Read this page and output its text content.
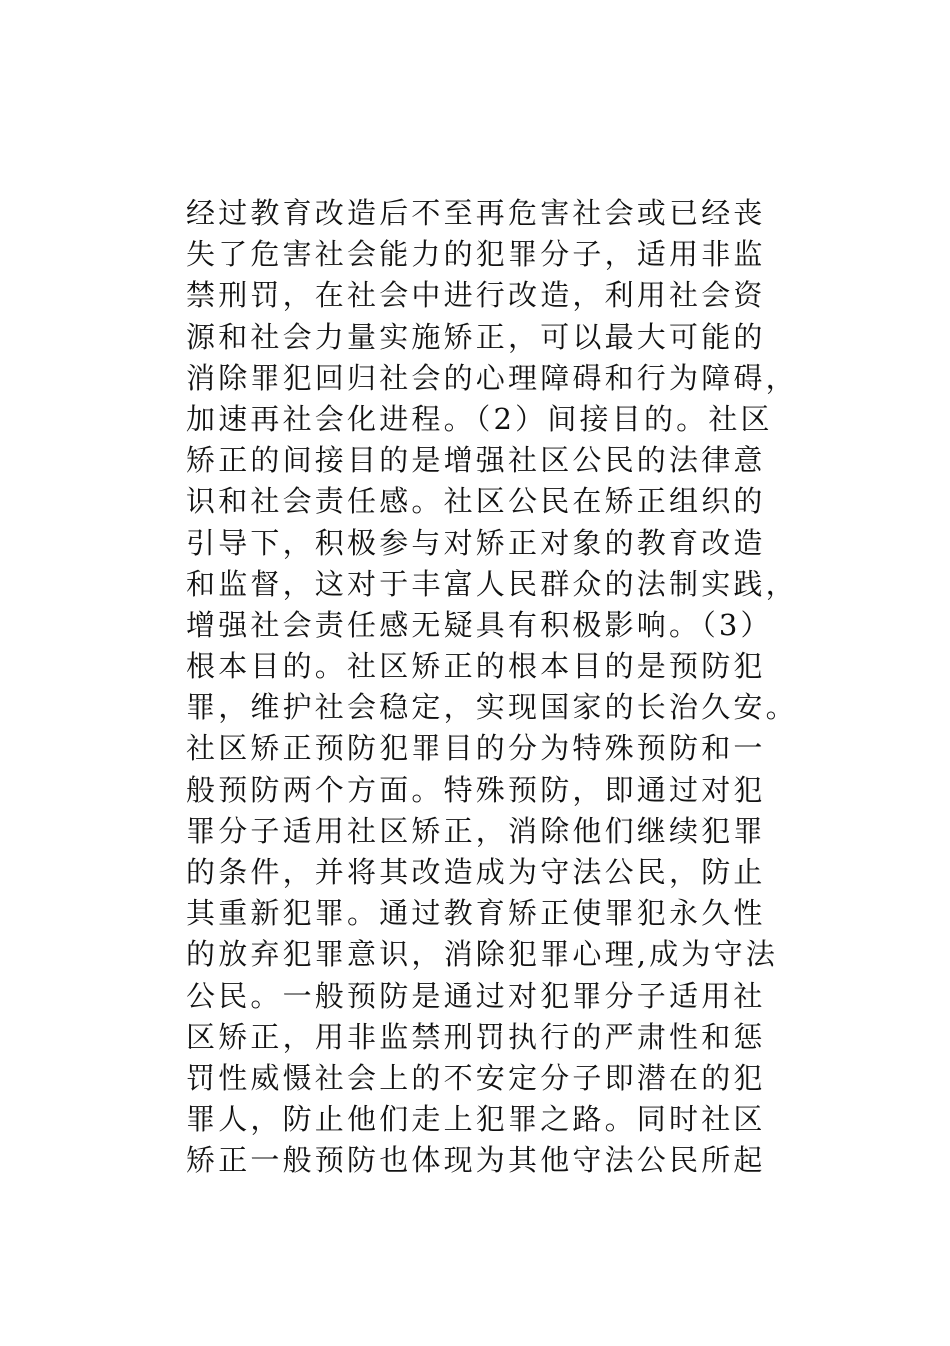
经过教育改造后不至再危害社会或已经丧
失了危害社会能力的犯罪分子，适用非监
禁刑罚，在社会中进行改造，利用社会资
源和社会力量实施矫正，可以最大可能的
消除罪犯回归社会的心理障碍和行为障碍，
加速再社会化进程。（2）间接目的。社区
矫正的间接目的是增强社区公民的法律意
识和社会责任感。社区公民在矫正组织的
引导下，积极参与对矫正对象的教育改造
和监督，这对于丰富人民群众的法制实践，
增强社会责任感无疑具有积极影响。（3）
根本目的。社区矫正的根本目的是预防犯
罪，维护社会稳定，实现国家的长治久安。
社区矫正预防犯罪目的分为特殊预防和一
般预防两个方面。特殊预防，即通过对犯
罪分子适用社区矫正，消除他们继续犯罪
的条件，并将其改造成为守法公民，防止
其重新犯罪。通过教育矫正使罪犯永久性
的放弃犯罪意识，消除犯罪心理,成为守法
公民。一般预防是通过对犯罪分子适用社
区矫正，用非监禁刑罚执行的严肃性和惩
罚性威慑社会上的不安定分子即潜在的犯
罪人，防止他们走上犯罪之路。同时社区
矫正一般预防也体现为其他守法公民所起
